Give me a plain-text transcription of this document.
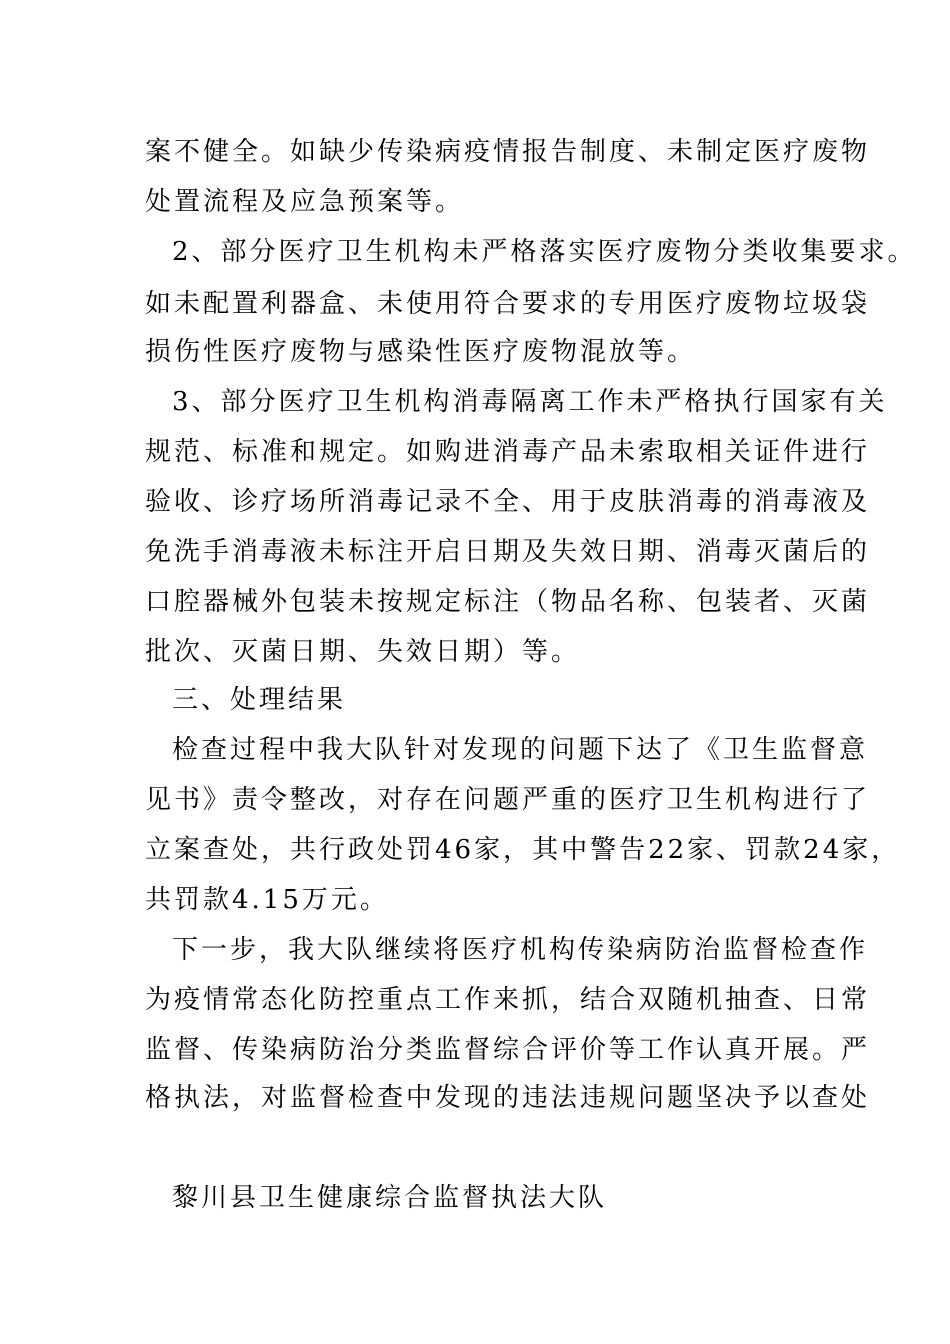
案不健全。如缺少传染病疫情报告制度、未制定医疗废物
处置流程及应急预案等。
2、部分医疗卫生机构未严格落实医疗废物分类收集要求。
如未配置利器盒、未使用符合要求的专用医疗废物垃圾袋
损伤性医疗废物与感染性医疗废物混放等。
3、部分医疗卫生机构消毒隔离工作未严格执行国家有关
规范、标准和规定。如购进消毒产品未索取相关证件进行
验收、诊疗场所消毒记录不全、用于皮肤消毒的消毒液及
免洗手消毒液未标注开启日期及失效日期、消毒灭菌后的
口腔器械外包装未按规定标注（物品名称、包装者、灭菌
批次、灭菌日期、失效日期）等。
三、处理结果
检查过程中我大队针对发现的问题下达了《卫生监督意
见书》责令整改，对存在问题严重的医疗卫生机构进行了
立案查处，共行政处罚46家，其中警告22家、罚款24家，
共罚款4.15万元。
下一步，我大队继续将医疗机构传染病防治监督检查作
为疫情常态化防控重点工作来抓，结合双随机抽查、日常
监督、传染病防治分类监督综合评价等工作认真开展。严
格执法，对监督检查中发现的违法违规问题坚决予以查处
黎川县卫生健康综合监督执法大队
